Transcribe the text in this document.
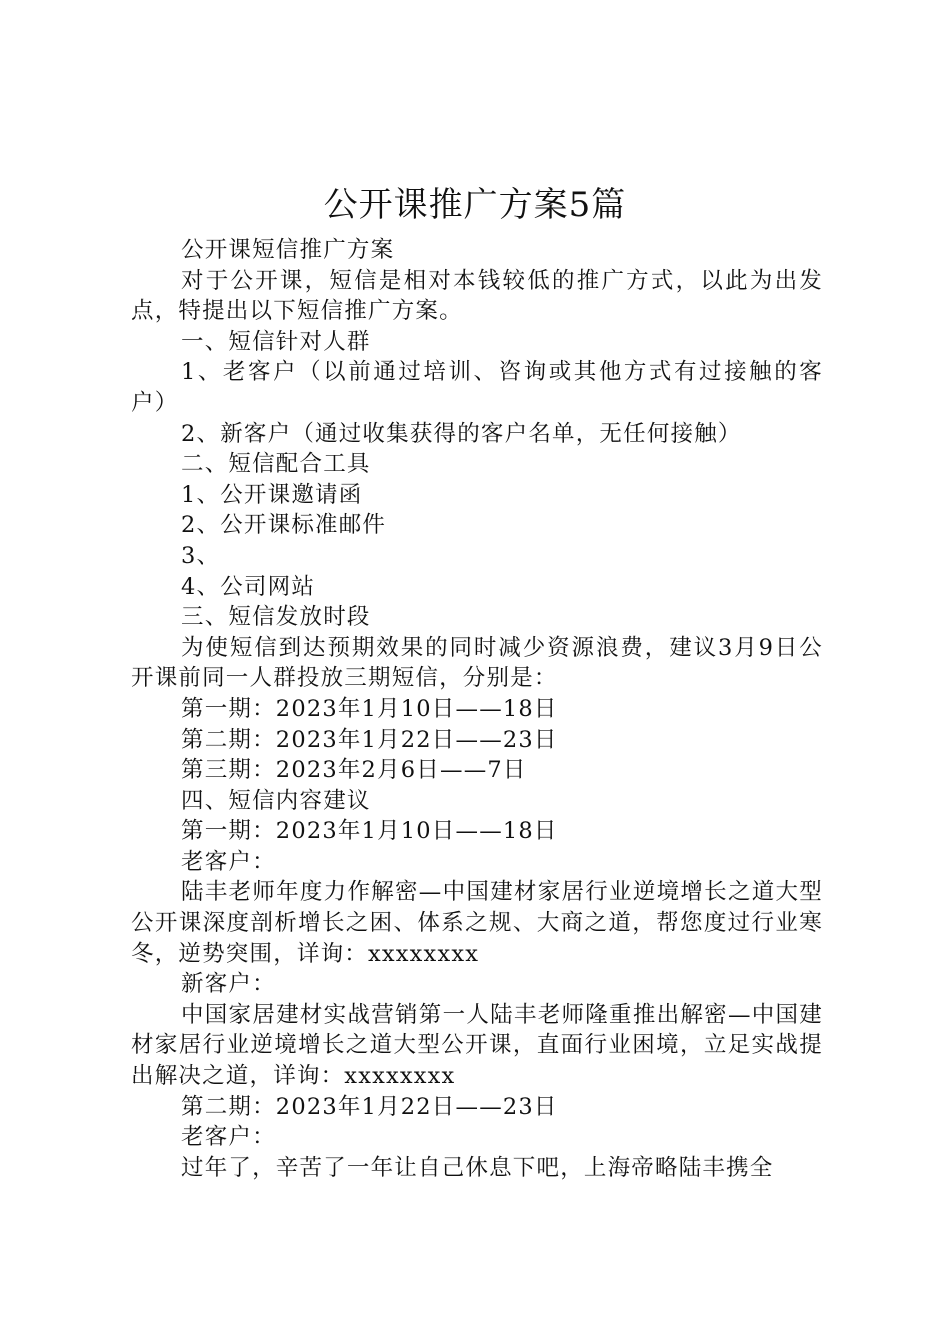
公开课推广方案5篇

公开课短信推广方案

对于公开课，短信是相对本钱较低的推广方式，以此为出发点，特提出以下短信推广方案。

一、短信针对人群

1、老客户（以前通过培训、咨询或其他方式有过接触的客户）

2、新客户（通过收集获得的客户名单，无任何接触）

二、短信配合工具

1、公开课邀请函

2、公开课标准邮件

3、

4、公司网站

三、短信发放时段

为使短信到达预期效果的同时减少资源浪费，建议3月9日公开课前同一人群投放三期短信，分别是：

第一期：2023年1月10日——18日

第二期：2023年1月22日——23日

第三期：2023年2月6日——7日

四、短信内容建议

第一期：2023年1月10日——18日

老客户：

陆丰老师年度力作解密—中国建材家居行业逆境增长之道大型公开课深度剖析增长之困、体系之规、大商之道，帮您度过行业寒冬，逆势突围，详询：xxxxxxxx

新客户：

中国家居建材实战营销第一人陆丰老师隆重推出解密—中国建材家居行业逆境增长之道大型公开课，直面行业困境，立足实战提出解决之道，详询：xxxxxxxx

第二期：2023年1月22日——23日

老客户：

过年了，辛苦了一年让自己休息下吧，上海帝略陆丰携全
